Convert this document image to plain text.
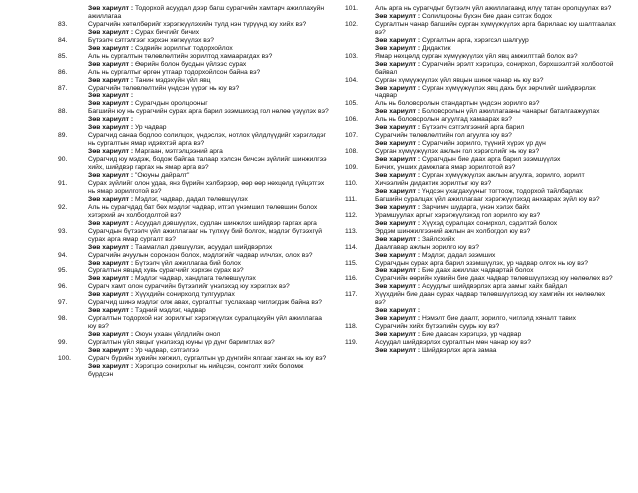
Зөв хариулт : Тодорхой асуудал дээр багш сурагчийн хамтарч ажиллахуйн ажиллагаа
83.	Сурагчийн хөтөлбөрийг хэрэгжүүлэхийн тулд нэн түрүүнд юу хийх вэ?
Зөв хариулт : Сурах бичгийг бичих
84.	Бүтээлч сэтгэлгээг хэрхэн хөгжүүлэх вэ?
Зөв хариулт : Сэдвийн зорилгыг тодорхойлох
85.	Аль нь сургалтын төлөвлөлтийн зорилтод хамаарагдах вэ?
Зөв хариулт : Өөрийн болон бусдын үйлээс сурах
86.	Аль нь сургалтыг өргөн утгаар тодорхойлсон байна вэ?
Зөв хариулт : Танин мэдэхүйн үйл явц
87.	Сурагчийн төлөвлөлтийн үндсэн үүрэг нь юу вэ?
Зөв хариулт :
Зөв хариулт : Сурагчдын оролцооныг
88.	Багшийн юу нь сурагчийн сурах арга барил эзэмшихэд гол нөлөө үзүүлэх вэ?
Зөв хариулт :
Зөв хариулт : Ур чадвар
89.	Сурагчид санаа бодлоо солилцох, үндэслэх, нотлох үйлдлүүдийг хэрэглэдэг нь сургалтын ямар идэвхтэй арга вэ?
Зөв хариулт : Маргаан, мэтгэлцээний арга
90.	Сурагчид юу мэдэж, бодож байгаа талаар хэлсэн бичсэн зүйлийг шинжилгээ хийх, шийдвэр гаргах нь ямар арга вэ?
Зөв хариулт : "Оюуны дайралт"
91.	Сурах зүйлийг олон удаа, янз бүрийн хэлбэрээр, өөр өөр нөхцөлд гүйцэтгэх нь ямар зорилготой вэ?
Зөв хариулт : Мэдлэг, чадвар, дадал төлөвшүүлэх
92.	Аль нь сурагчдад бат бөх мэдлэг чадвар, итгэл үнэмшил төлөвшин болох хэтэрхий ач холбогдолтой вэ?
Зөв хариулт : Асуудал дэвшүүлэх, судлан шинжлэх шийдвэр гаргах арга
93.	Сурагчдын бүтээлч үйл ажиллагааг нь түлхүү бий болгох, мэдлэг бүтээхгүй сурах арга ямар сургалт вэ?
Зөв хариулт : Таамаглал дэвшүүлэх, асуудал шийдвэрлэх
94.	Сурагчийн ачуулын соронзон болох, мэдлэгийг чадвар илчлэх, олох вэ?
Зөв хариулт : Бүтээлч үйл ажиллагаа бий болох
95.	Сургалтын явцад хувь сурагчийг хэрхэн сурах вэ?
Зөв хариулт : Мэдлэг чадвар, хандлага төлөвшүүлэх
96.	Сурагч хамт олон сурагчийн бүтээлийг үнэлэхэд юу хэрэглэх вэ?
Зөв хариулт : Хүүхдийн сонирхолд тулгуурлах
97.	Сурагчид шинэ мэдлэг олж авах, сургалтыг туслахаар чиглэгдэж байна вэ?
Зөв хариулт : Тэдний мэдлэг, чадвар
98.	Сургалтын тодорхой нэг зорилгыг хэрэгжүүлэх суралцахуйн үйл ажиллагаа юу вэ?
Зөв хариулт : Оюун ухаан үйлдлийн онол
99.	Сургалтын үйл явцыг үнэлэхэд юуны үр дүнг баримтлах вэ?
Зөв хариулт : Ур чадвар, сэтгэлгээ
100.	Сурагч бүрийн хувийн хөгжил, сургалтын үр дүнгийн ялгааг хангах нь юу вэ?
Зөв хариулт : Хэрэгцээ сонирхлыг нь нийцсэн, сонголт хийх боломж бүрдсэн
101.	Аль арга нь сурагчдыг бүтээлч үйл ажиллагаанд илүү татан оролцуулах вэ?
Зөв хариулт : Солилцооны бүхэн бие даан сэтгэх бодох
102.	Сургалтын чанар багшийн сурган хүмүүжүүлэх арга барилаас юу шалтгаалах вэ?
Зөв хариулт : Сургалтын арга, хэрэгсэл шалгуур
Зөв хариулт : Дидактик
103.	Ямар нөхцөлд сурган хүмүүжүүлэх үйл явц амжилттай болох вэ?
Зөв хариулт : Сурагчийн эрэлт хэрэгцээ, сонирхол, бэрхшээлтэй холбоотой байвал
104.	Сурган хүмүүжүүлэх үйл явцын шинж чанар нь юу вэ?
Зөв хариулт : Сурган хүмүүжүүлэх явц дахь бүх зөрчлийг шийдвэрлэх чадвар
105.	Аль нь боловсролын стандартын үндсэн зорилго вэ?
Зөв хариулт : Боловсролын үйл ажиллагааны чанарыг баталгаажуулах
106.	Аль нь боловсролын агуулгад хамаарах вэ?
Зөв хариулт : Бүтээлч сэтгэлгээний арга барил
107.	Сурагчийн төлөвлөлтийн гол агуулга юу вэ?
Зөв хариулт : Сурагчийн зорилго, түүний хүрэх үр дүн
108.	Сурган хүмүүжүүлэх ажлын гол хэрэгслийг нь юу вэ?
Зөв хариулт : Сурагчдын бие даах арга барил эзэмшүүлэх
109.	Бичих, унших дамжлага ямар зорилготой вэ?
Зөв хариулт : Сурган хүмүүжүүлэх ажлын агуулга, зорилго, зорилт
110.	Хичээлийн дидактик зорилтыг юу вэ?
Зөв хариулт : Үндсэн ухагдахууныг тогтоож, тодорхой тайлбарлах
111.	Багшийн суралцах үйл ажиллагааг хэрэгжүүлэхэд анхаарах зүйл юу вэ?
Зөв хариулт : Зарчимч шударга, үнэн хэлэх байх
112.	Урамшуулах аргыг хэрэгжүүлэхэд гол зорилго юу вэ?
Зөв хариулт : Хүүхэд суралцах сонирхол, сэдэлтэй болох
113.	Эрдэм шинжилгээний ажлын ач холбогдол юу вэ?
Зөв хариулт : Зайлсхийх
114.	Даалгавар ажлын зорилго юу вэ?
Зөв хариулт : Мэдлэг, дадал эзэмших
115.	Сурагчдын сурах арга барил эзэмшүүлэх, ур чадвар олгох нь юу вэ?
Зөв хариулт : Бие даах ажиллах чадвартай болох
116.	Сурагчийн өөрийн хувийн бие даах чадвар төлөвшүүлэхэд юу нөлөөлөх вэ?
Зөв хариулт : Асуудлыг шийдвэрлэх арга замыг хайх байдал
117.	Хүүхдийн бие даан сурах чадвар төлөвшүүлэхэд юу хамгийн их нөлөөлөх вэ?
Зөв хариулт :
Зөв хариулт : Нэмэлт бие даалт, зорилго, чиглэлд хяналт тавих
118.	Сурагчийн хийх бүтээлийн суурь юу вэ?
Зөв хариулт : Бие даасан хэрэгцээ, ур чадвар
119.	Асуудал шийдвэрлэх сургалтын мөн чанар юу вэ?
Зөв хариулт : Шийдвэрлэх арга замаа
